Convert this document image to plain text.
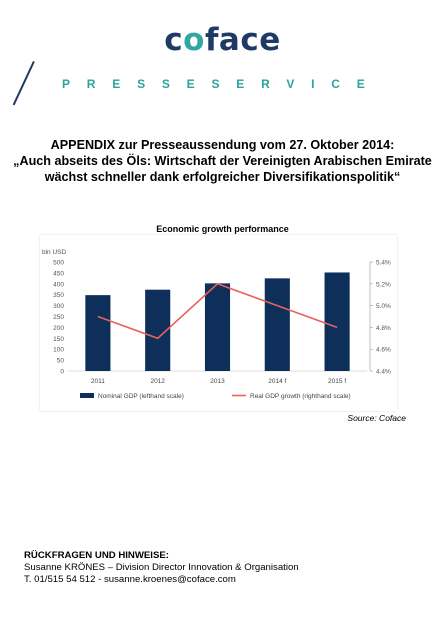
coface
PRESSESERVICE
APPENDIX zur Presseaussendung vom 27. Oktober 2014:
„Auch abseits des Öls: Wirtschaft der Vereinigten Arabischen Emirate
wächst schneller dank erfolgreicher Diversifikationspolitik“
Economic growth performance
bln USD
0
50
100
150
200
250
300
350
400
450
500
4.4%
4.6%
4.8%
5.0%
5.2%
5.4%
2011	2012	2013	2014 f	2015 f
Nominal GDP (lefthand scale)	Real GDP growth (righthand scale)
Source: Coface
RÜCKFRAGEN UND HINWEISE:
Susanne KRÖNES – Division Director Innovation & Organisation
T. 01/515 54 512 - susanne.kroenes@coface.com
